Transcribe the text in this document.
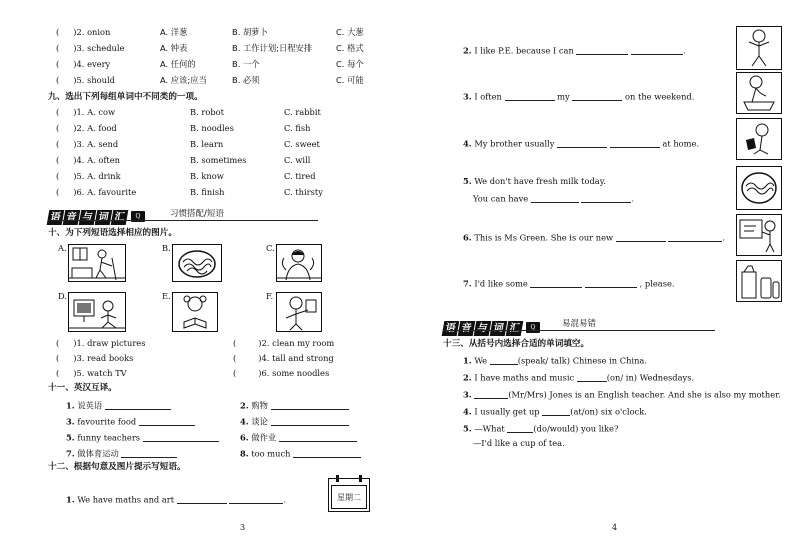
( )2. onion	A. 洋葱	B. 胡萝卜	C. 大葱
( )3. schedule	A. 钟表	B. 工作计划;日程安排	C. 格式
( )4. every	A. 任何的	B. 一个	C. 每个
( )5. should	A. 应该;应当	B. 必须	C. 可能
九、选出下列每组单词中不同类的一项。
( )1. A. cow	B. robot	C. rabbit
( )2. A. food	B. noodles	C. fish
( )3. A. send	B. learn	C. sweet
( )4. A. often	B. sometimes	C. will
( )5. A. drink	B. know	C. tired
( )6. A. favourite	B. finish	C. thirsty
语 音 与 词 汇 Q	习惯搭配/短语
十、为下列短语选择相应的图片。
A.	B.	C.
D.	E.	F.
( )1. draw pictures	(	)2. clean my room
( )3. read books	(	)4. tall and strong
( )5. watch TV	(	)6. some noodles
十一、英汉互译。
1. 说英语	2. 购物
3. favourite food	4. 谈论
5. funny teachers	6. 做作业
7. 做体育运动	8. too much
十二、根据句意及图片提示写短语。
1. We have maths and art	.	星期二
3
2. I like P.E. because I can	.
3. I often	my	on the weekend.
4. My brother usually	at home.
5. We don't have fresh milk today.
You can have	.
6. This is Ms Green. She is our new	.
7. I'd like some	, please.
语 音 与 词 汇 Q	易混易错
十三、从括号内选择合适的单词填空。
1. We	(speak/ talk) Chinese in China.
2. I have maths and music	(on/ in) Wednesdays.
3.	(Mr/Mrs) Jones is an English teacher. And she is also my mother.
4. I usually get up	(at/on) six o'clock.
5. —What	(do/would) you like?
—I'd like a cup of tea.
4
